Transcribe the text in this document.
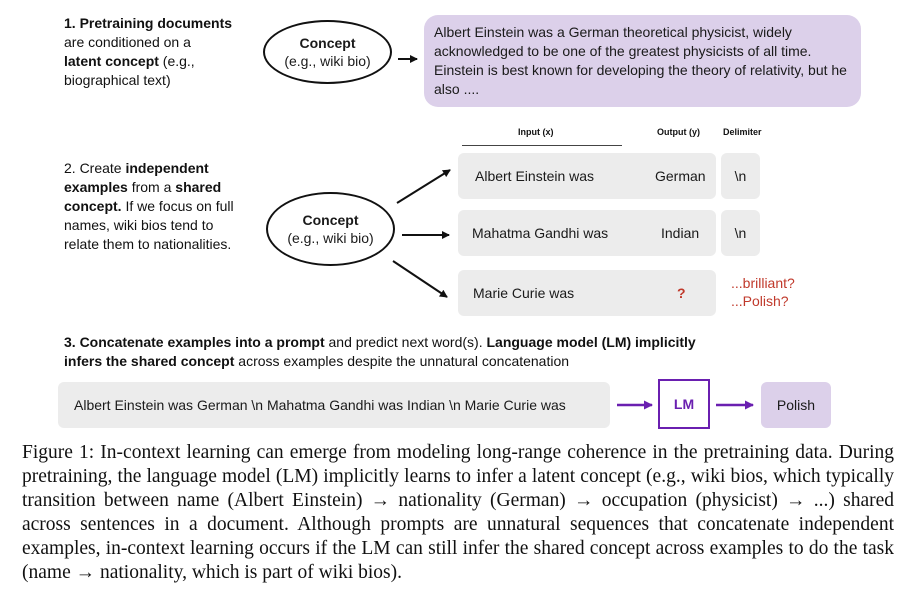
1. Pretraining documents
are conditioned on a
latent concept (e.g.,
biographical text)
Concept
(e.g., wiki bio)
Albert Einstein was a German theoretical physicist, widely acknowledged to be one of the greatest physicists of all time. Einstein is best known for developing the theory of relativity, but he also ....
Input (x)	Output (y)	Delimiter
2. Create independent
examples from a shared
concept. If we focus on full
names, wiki bios tend to
relate them to nationalities.
Concept
(e.g., wiki bio)
Albert Einstein was	German \n
Mahatma Gandhi was	Indian	\n
Marie Curie was	?
...brilliant?
...Polish?
3. Concatenate examples into a prompt and predict next word(s). Language model (LM) implicitly
infers the shared concept across examples despite the unnatural concatenation
Albert Einstein was German \n Mahatma Gandhi was Indian \n Marie Curie was	LM	Polish
Figure 1: In-context learning can emerge from modeling long-range coherence in the pretraining data. During pretraining, the language model (LM) implicitly learns to infer a latent concept (e.g., wiki bios, which typically transition between name (Albert Einstein) → nationality (German) → occupation (physicist) → ...) shared across sentences in a document. Although prompts are unnatural sequences that concatenate independent examples, in-context learning occurs if the LM can still infer the shared concept across examples to do the task (name → nationality, which is part of wiki bios).
